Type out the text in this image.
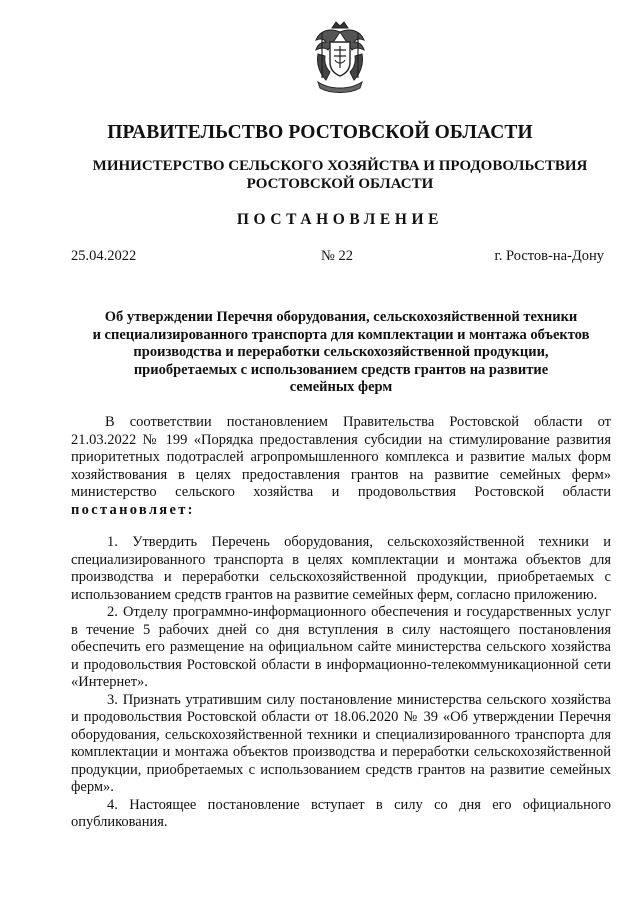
ПРАВИТЕЛЬСТВО РОСТОВСКОЙ ОБЛАСТИ
МИНИСТЕРСТВО СЕЛЬСКОГО ХОЗЯЙСТВА И ПРОДОВОЛЬСТВИЯ
РОСТОВСКОЙ ОБЛАСТИ
ПОСТАНОВЛЕНИЕ
25.04.2022	№ 22	г. Ростов-на-Дону
Об утверждении Перечня оборудования, сельскохозяйственной техники
и специализированного транспорта для комплектации и монтажа объектов
производства и переработки сельскохозяйственной продукции,
приобретаемых с использованием средств грантов на развитие
семейных ферм
В соответствии постановлением Правительства Ростовской области от 21.03.2022 № 199 «Порядка предоставления субсидии на стимулирование развития приоритетных подотраслей агропромышленного комплекса и развитие малых форм хозяйствования в целях предоставления грантов на развитие семейных ферм» министерство сельского хозяйства и продовольствия Ростовской области постановляет:

1. Утвердить Перечень оборудования, сельскохозяйственной техники и специализированного транспорта в целях комплектации и монтажа объектов для производства и переработки сельскохозяйственной продукции, приобретаемых с использованием средств грантов на развитие семейных ферм, согласно приложению.

2. Отделу программно-информационного обеспечения и государственных услуг в течение 5 рабочих дней со дня вступления в силу настоящего постановления обеспечить его размещение на официальном сайте министерства сельского хозяйства и продовольствия Ростовской области в информационно-телекоммуникационной сети «Интернет».

3. Признать утратившим силу постановление министерства сельского хозяйства и продовольствия Ростовской области от 18.06.2020 № 39 «Об утверждении Перечня оборудования, сельскохозяйственной техники и специализированного транспорта для комплектации и монтажа объектов производства и переработки сельскохозяйственной продукции, приобретаемых с использованием средств грантов на развитие семейных ферм».

4. Настоящее постановление вступает в силу со дня его официального опубликования.
